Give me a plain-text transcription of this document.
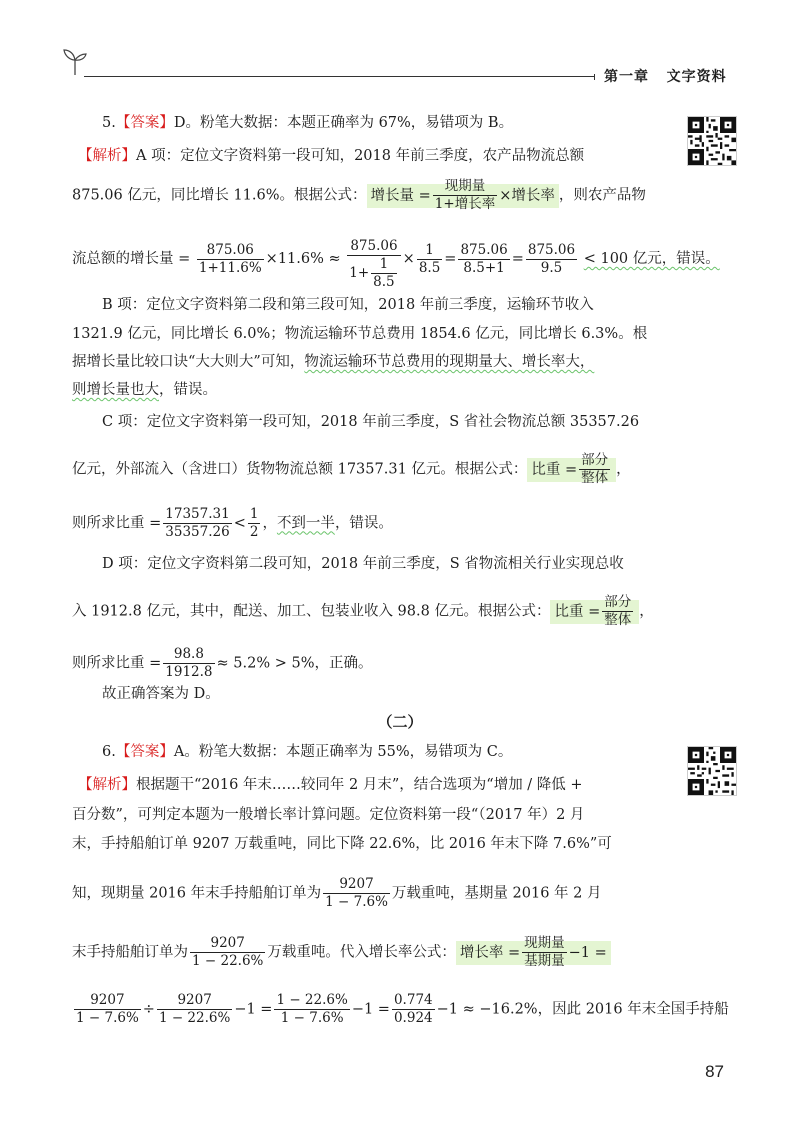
第一章   文字资料
5.【答案】D。粉笔大数据：本题正确率为 67%，易错项为 B。
【解析】A 项：定位文字资料第一段可知，2018 年前三季度，农产品物流总额
875.06 亿元，同比增长 11.6%。根据公式： 增长量 = $\frac{\text{现期量}}{\text{1+增长率}}$ ×增长率 ，则农产品物
流总额的增长量 = $\frac{875.06}{1+11.6\%} \times 11.6\% \approx \frac{875.06}{1+ \frac{1}{8.5}} \times \frac{1}{8.5} = \frac{875.06}{8.5+1} = \frac{875.06}{9.5} < 100$ 亿元，错误。
B 项：定位文字资料第二段和第三段可知，2018 年前三季度，运输环节收入
1321.9 亿元，同比增长 6.0%；物流运输环节总费用 1854.6 亿元，同比增长 6.3%。根
据增长量比较口诀“大大则大”可知，物流运输环节总费用的现期量大、增长率大，
则增长量也大，错误。
C 项：定位文字资料第一段可知，2018 年前三季度，S 省社会物流总额 35357.26
亿元，外部流入（含进口）货物物流总额 17357.31 亿元。根据公式： 比重 = $\frac{\text{部分}}{\text{整体}}$ ，
则所求比重 = $\frac{17357.31}{35357.26} < \frac{1}{2}$ ，不到一半，错误。
D 项：定位文字资料第二段可知，2018 年前三季度，S 省物流相关行业实现总收
入 1912.8 亿元，其中，配送、加工、包装业收入 98.8 亿元。根据公式： 比重 = $\frac{\text{部分}}{\text{整体}}$ ，
则所求比重 = $\frac{98.8}{1912.8} \approx 5.2\% > 5\%$，正确。
故正确答案为 D。
（二）
6.【答案】A。粉笔大数据：本题正确率为 55%，易错项为 C。
【解析】根据题干“2016 年末……较同年 2 月末”，结合选项为“增加 / 降低 +
百分数”，可判定本题为一般增长率计算问题。定位资料第一段“（2017 年）2 月
末，手持船舶订单 9207 万载重吨，同比下降 22.6%，比 2016 年末下降 7.6%”可
知，现期量 2016 年末手持船舶订单为 $\frac{9207}{1 - 7.6\%}$ 万载重吨，基期量 2016 年 2 月
末手持船舶订单为 $\frac{9207}{1 - 22.6\%}$ 万载重吨。代入增长率公式： 增长率 = $\frac{\text{现期量}}{\text{基期量}} -1$ =
$\frac{9207}{1 - 7.6\%} \div \frac{9207}{1 - 22.6\%} -1 = \frac{1 - 22.6\%}{1 - 7.6\%} -1 = \frac{0.774}{0.924} -1 \approx -16.2\%$，因此 2016 年末全国手持船
87
